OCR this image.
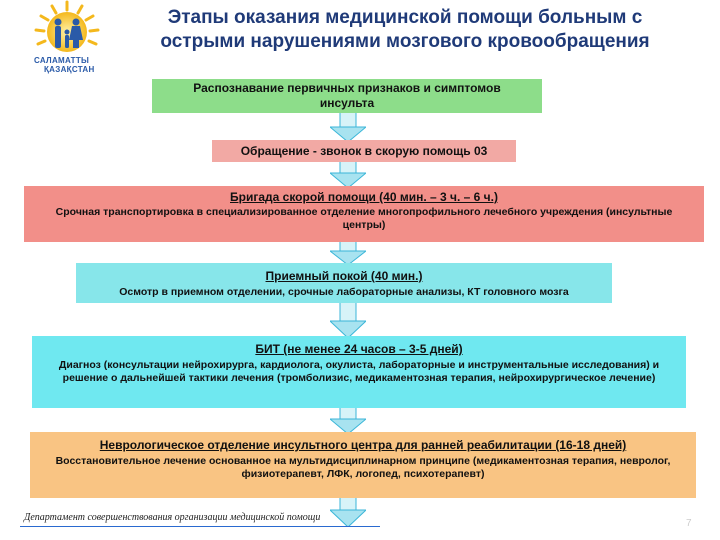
САЛАМАТТЫ
ҚАЗАҚСТАН
Этапы оказания медицинской помощи больным с острыми нарушениями мозгового кровообращения
Распознавание первичных признаков и симптомов инсульта
Обращение - звонок в скорую помощь 03
Бригада скорой помощи (40 мин. – 3 ч. – 6 ч.)
Срочная транспортировка в специализированное отделение многопрофильного лечебного учреждения (инсультные центры)
Приемный покой (40 мин.)
Осмотр в приемном отделении, срочные лабораторные анализы, КТ головного мозга
БИТ (не менее 24 часов – 3-5 дней)
Диагноз (консультации нейрохирурга, кардиолога, окулиста, лабораторные и инструментальные исследования) и решение о дальнейшей тактики лечения (тромболизис, медикаментозная терапия, нейрохирургическое лечение)
Неврологическое отделение инсультного центра для ранней реабилитации (16-18 дней)
Восстановительное лечение основанное на мультидисциплинарном принципе (медикаментозная терапия, невролог, физиотерапевт, ЛФК, логопед, психотерапевт)
Департамент совершенствования организации медицинской помощи
7
